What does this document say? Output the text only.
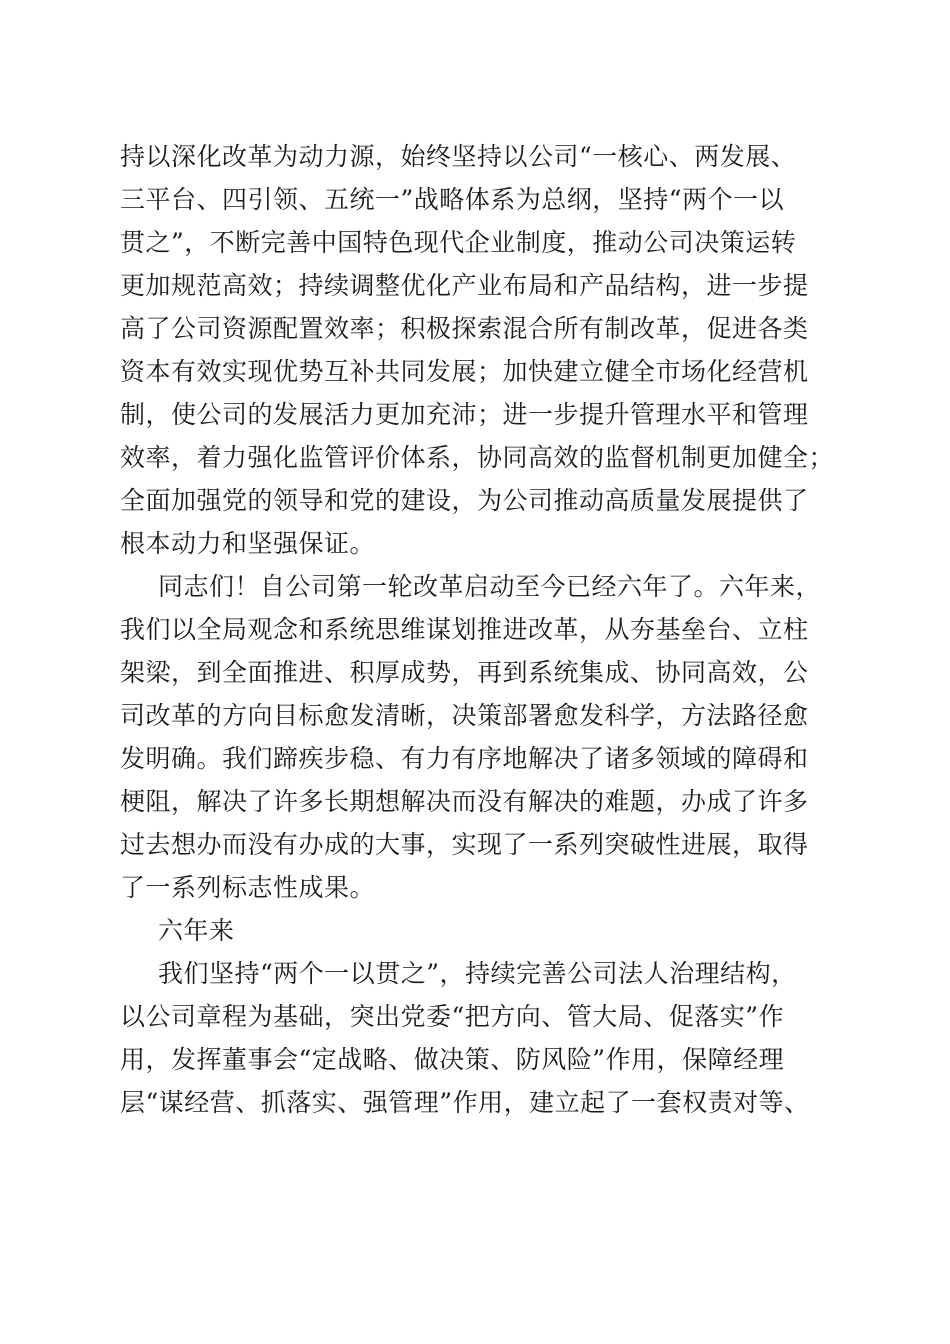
持以深化改革为动力源，始终坚持以公司“一核心、两发展、
三平台、四引领、五统一”战略体系为总纲，坚持“两个一以
贯之”，不断完善中国特色现代企业制度，推动公司决策运转
更加规范高效；持续调整优化产业布局和产品结构，进一步提
高了公司资源配置效率；积极探索混合所有制改革，促进各类
资本有效实现优势互补共同发展；加快建立健全市场化经营机
制，使公司的发展活力更加充沛；进一步提升管理水平和管理
效率，着力强化监管评价体系，协同高效的监督机制更加健全；
全面加强党的领导和党的建设，为公司推动高质量发展提供了
根本动力和坚强保证。
同志们！自公司第一轮改革启动至今已经六年了。六年来，
我们以全局观念和系统思维谋划推进改革，从夯基垒台、立柱
架梁，到全面推进、积厚成势，再到系统集成、协同高效，公
司改革的方向目标愈发清晰，决策部署愈发科学，方法路径愈
发明确。我们蹄疾步稳、有力有序地解决了诸多领域的障碍和
梗阻，解决了许多长期想解决而没有解决的难题，办成了许多
过去想办而没有办成的大事，实现了一系列突破性进展，取得
了一系列标志性成果。
六年来
我们坚持“两个一以贯之”，持续完善公司法人治理结构，
以公司章程为基础，突出党委“把方向、管大局、促落实”作
用，发挥董事会“定战略、做决策、防风险”作用，保障经理
层“谋经营、抓落实、强管理”作用，建立起了一套权责对等、
